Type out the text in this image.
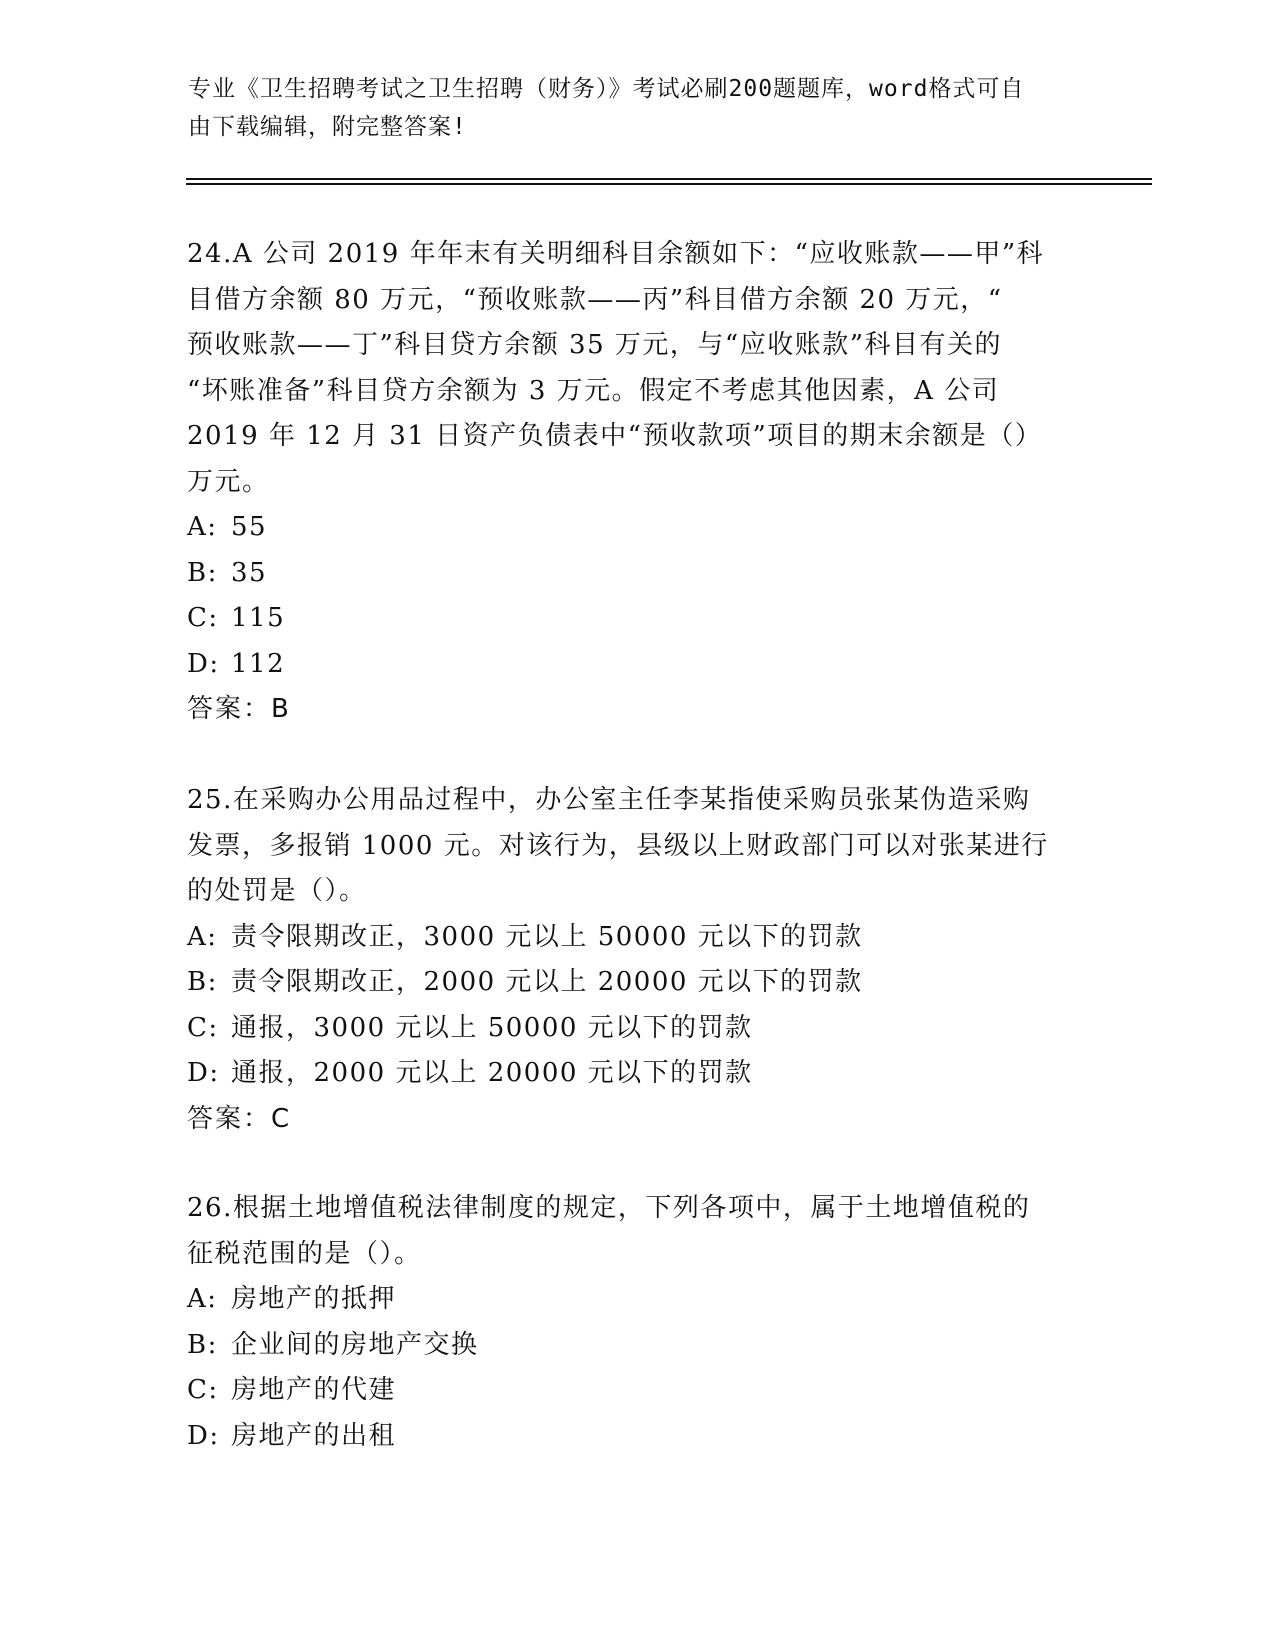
专业《卫生招聘考试之卫生招聘（财务）》考试必刷200题题库，word格式可自
由下载编辑，附完整答案!

24.A 公司 2019 年年末有关明细科目余额如下：“应收账款——甲”科

目借方余额 80 万元，“预收账款——丙”科目借方余额 20 万元，“

预收账款——丁”科目贷方余额 35 万元，与“应收账款”科目有关的

“坏账准备”科目贷方余额为 3 万元。假定不考虑其他因素，A 公司

2019 年 12 月 31 日资产负债表中“预收款项”项目的期末余额是（）

万元。

A: 55

B: 35

C: 115

D: 112

答案：B

25.在采购办公用品过程中，办公室主任李某指使采购员张某伪造采购

发票，多报销 1000 元。对该行为，县级以上财政部门可以对张某进行

的处罚是（）。

A: 责令限期改正，3000 元以上 50000 元以下的罚款

B: 责令限期改正，2000 元以上 20000 元以下的罚款

C: 通报，3000 元以上 50000 元以下的罚款

D: 通报，2000 元以上 20000 元以下的罚款

答案：C

26.根据土地增值税法律制度的规定，下列各项中，属于土地增值税的

征税范围的是（）。

A: 房地产的抵押

B: 企业间的房地产交换

C: 房地产的代建

D: 房地产的出租
